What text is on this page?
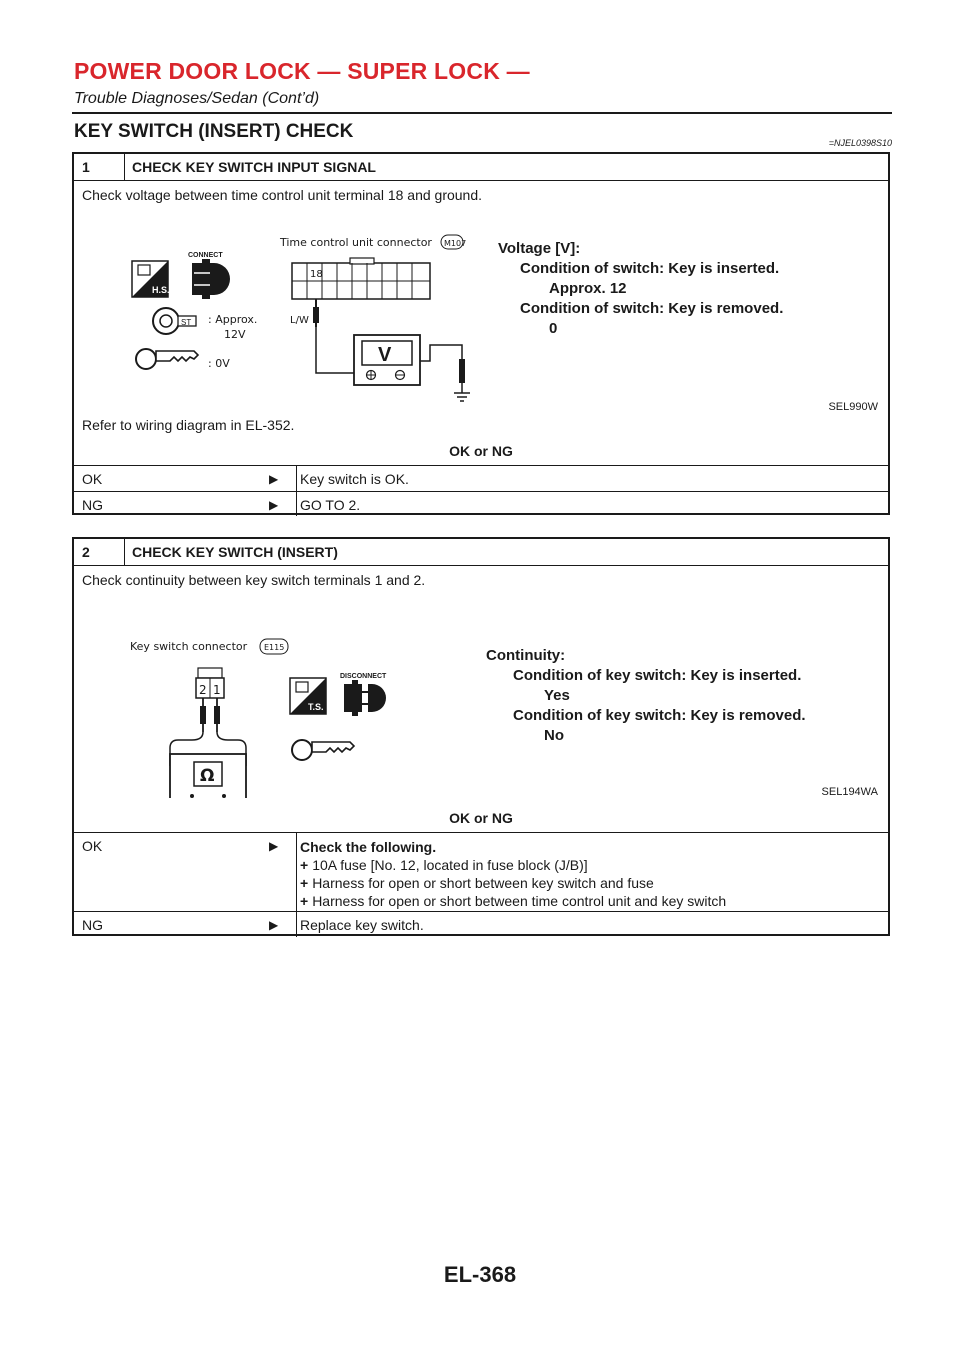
POWER DOOR LOCK — SUPER LOCK —
Trouble Diagnoses/Sedan (Cont’d)
KEY SWITCH (INSERT) CHECK
=NJEL0398S10
1	CHECK KEY SWITCH INPUT SIGNAL
Check voltage between time control unit terminal 18 and ground.
H.S.
CONNECT
ST : Approx.
12V
: 0V
Time control unit connector M107
18
L/W
V
Voltage [V]:
Condition of switch: Key is inserted.
Approx. 12
Condition of switch: Key is removed.
0
SEL990W
Refer to wiring diagram in EL-352.
OK or NG
OK	▶ Key switch is OK.
NG	▶ GO TO 2.
2	CHECK KEY SWITCH (INSERT)
Check continuity between key switch terminals 1 and 2.
Key switch connector E115
2 1
Ω
T.S.
DISCONNECT
Continuity:
Condition of key switch: Key is inserted.
Yes
Condition of key switch: Key is removed.
No
SEL194WA
OK or NG
OK	▶ Check the following.
+ 10A fuse [No. 12, located in fuse block (J/B)]
+ Harness for open or short between key switch and fuse
+ Harness for open or short between time control unit and key switch
NG	▶ Replace key switch.
EL-368
